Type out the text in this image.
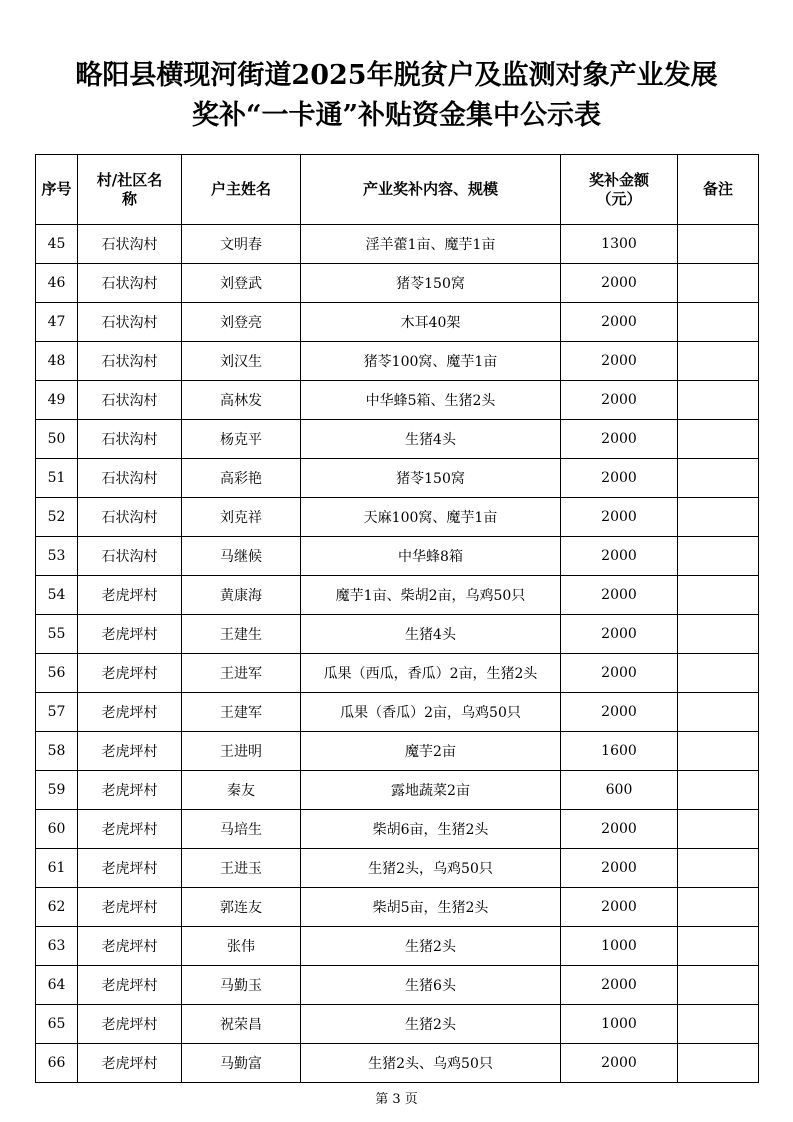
略阳县横现河街道2025年脱贫户及监测对象产业发展
奖补“一卡通”补贴资金集中公示表
序号	村/社区名称	户主姓名	产业奖补内容、规模	奖补金额（元）	备注
45	石状沟村	文明春	淫羊藿1亩、魔芋1亩	1300	
46	石状沟村	刘登武	猪苓150窝	2000	
47	石状沟村	刘登亮	木耳40架	2000	
48	石状沟村	刘汉生	猪苓100窝、魔芋1亩	2000	
49	石状沟村	高林发	中华蜂5箱、生猪2头	2000	
50	石状沟村	杨克平	生猪4头	2000	
51	石状沟村	高彩艳	猪苓150窝	2000	
52	石状沟村	刘克祥	天麻100窝、魔芋1亩	2000	
53	石状沟村	马继候	中华蜂8箱	2000	
54	老虎坪村	黄康海	魔芋1亩、柴胡2亩，乌鸡50只	2000	
55	老虎坪村	王建生	生猪4头	2000	
56	老虎坪村	王进军	瓜果（西瓜，香瓜）2亩，生猪2头	2000	
57	老虎坪村	王建军	瓜果（香瓜）2亩，乌鸡50只	2000	
58	老虎坪村	王进明	魔芋2亩	1600	
59	老虎坪村	秦友	露地蔬菜2亩	600	
60	老虎坪村	马培生	柴胡6亩，生猪2头	2000	
61	老虎坪村	王进玉	生猪2头，乌鸡50只	2000	
62	老虎坪村	郭连友	柴胡5亩，生猪2头	2000	
63	老虎坪村	张伟	生猪2头	1000	
64	老虎坪村	马勤玉	生猪6头	2000	
65	老虎坪村	祝荣昌	生猪2头	1000	
66	老虎坪村	马勤富	生猪2头、乌鸡50只	2000	
第 3 页
